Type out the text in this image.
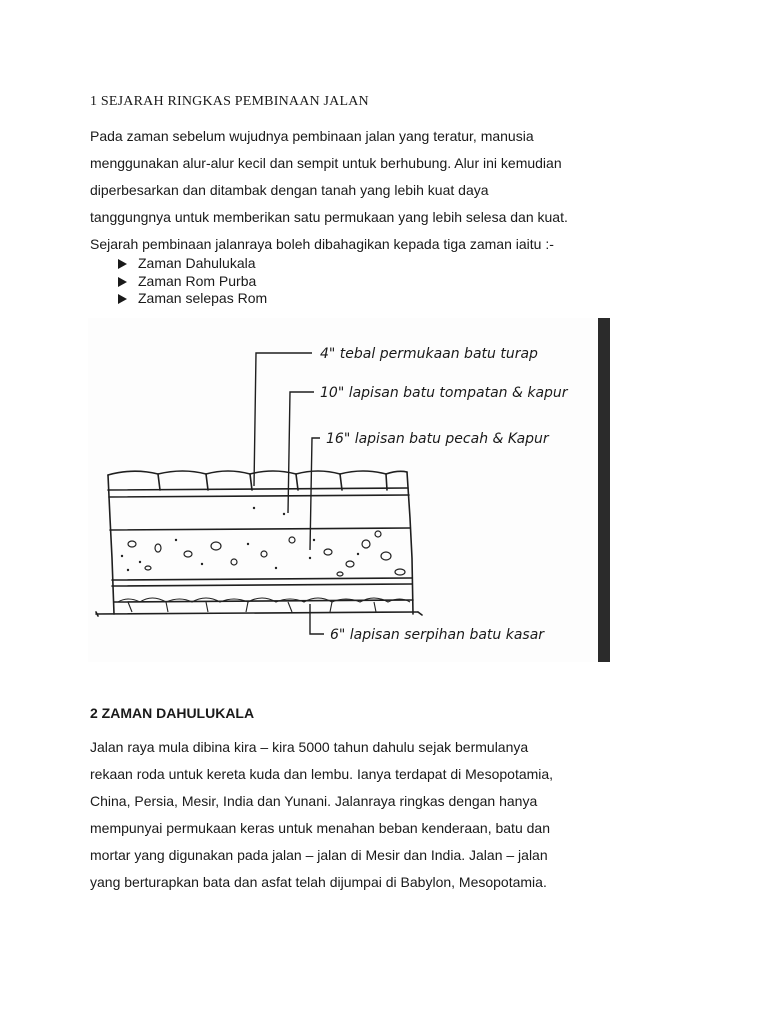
1 SEJARAH RINGKAS PEMBINAAN JALAN

Pada zaman sebelum wujudnya pembinaan jalan yang teratur, manusia
menggunakan alur-alur kecil dan sempit untuk berhubung. Alur ini kemudian
diperbesarkan dan ditambak dengan tanah yang lebih kuat daya
tanggungnya untuk memberikan satu permukaan yang lebih selesa dan kuat.
Sejarah pembinaan jalanraya boleh dibahagikan kepada tiga zaman iaitu :-

Zaman Dahulukala
Zaman Rom Purba
Zaman selepas Rom
4" tebal permukaan batu turap
10" lapisan batu tompatan & kapur
16" lapisan batu pecah & Kapur
6" lapisan serpihan batu kasar
2 ZAMAN DAHULUKALA

Jalan raya mula dibina kira – kira 5000 tahun dahulu sejak bermulanya
rekaan roda untuk kereta kuda dan lembu. Ianya terdapat di Mesopotamia,
China, Persia, Mesir, India dan Yunani. Jalanraya ringkas dengan hanya
mempunyai permukaan keras untuk menahan beban kenderaan, batu dan
mortar yang digunakan pada jalan – jalan di Mesir dan India. Jalan – jalan
yang berturapkan bata dan asfat telah dijumpai di Babylon, Mesopotamia.
